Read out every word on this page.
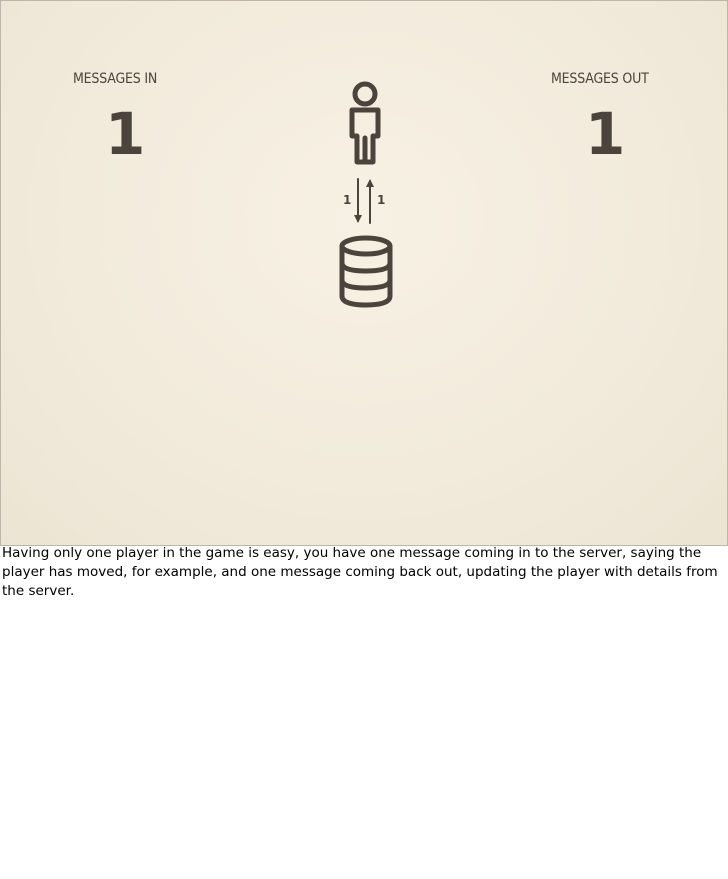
MESSAGES IN
1
MESSAGES OUT
1
1 1
Having only one player in the game is easy, you have one message coming in to the server, saying the player has moved, for example, and one message coming back out, updating the player with details from the server.
